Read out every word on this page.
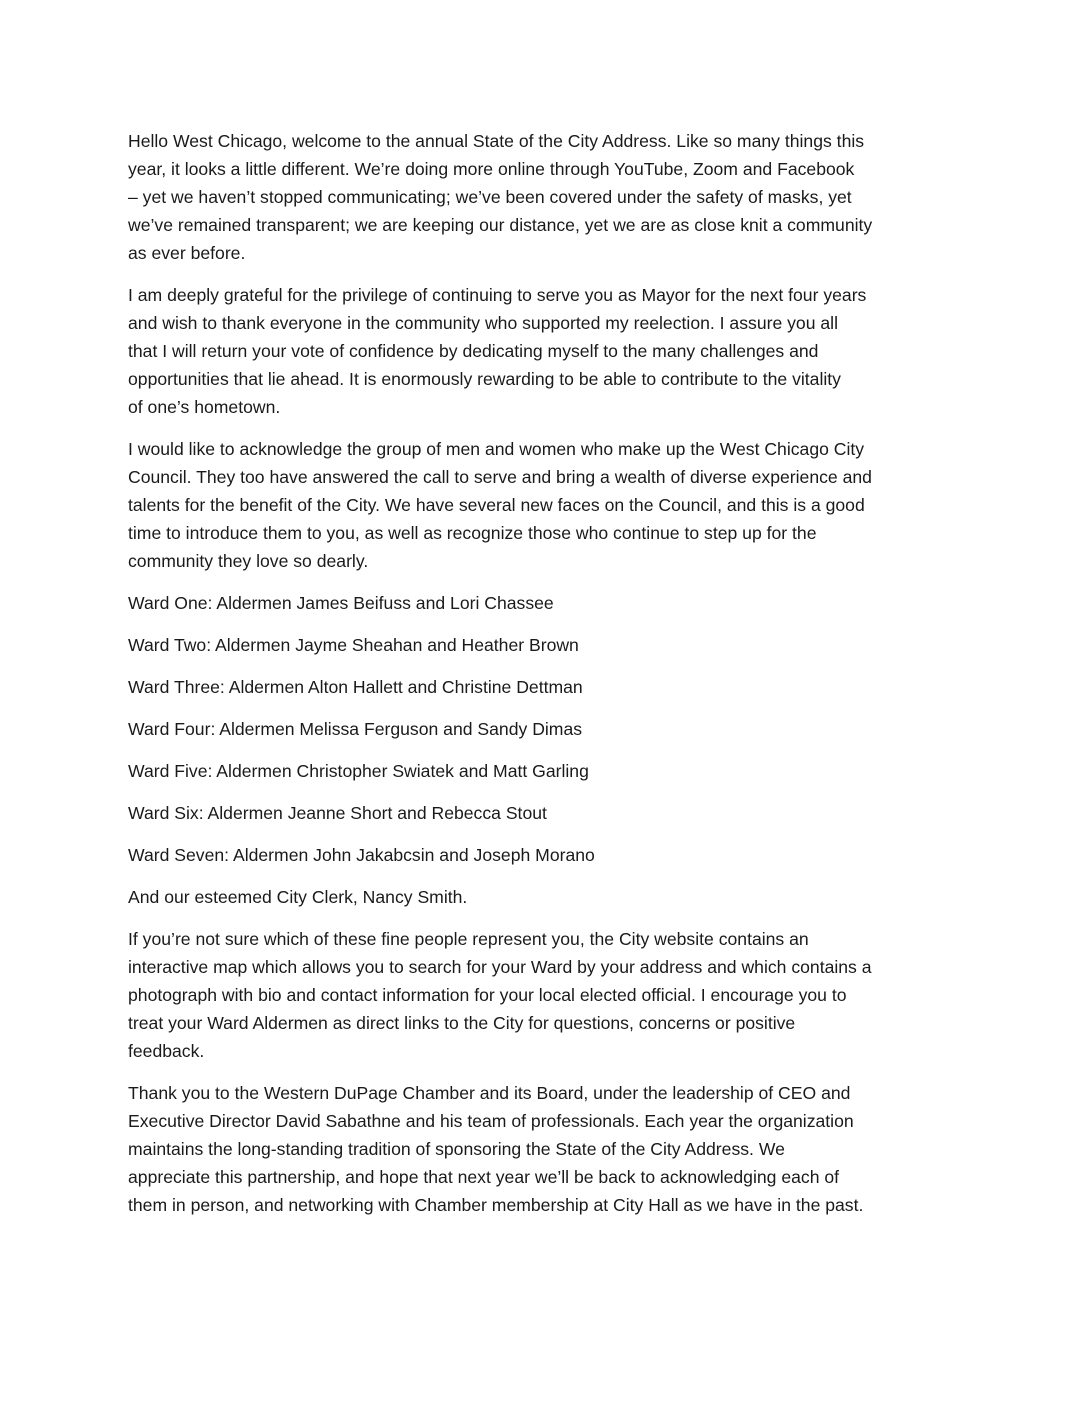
Hello West Chicago, welcome to the annual State of the City Address. Like so many things this
year, it looks a little different. We’re doing more online through YouTube, Zoom and Facebook
– yet we haven’t stopped communicating; we’ve been covered under the safety of masks, yet
we’ve remained transparent; we are keeping our distance, yet we are as close knit a community
as ever before.

I am deeply grateful for the privilege of continuing to serve you as Mayor for the next four years
and wish to thank everyone in the community who supported my reelection. I assure you all
that I will return your vote of confidence by dedicating myself to the many challenges and
opportunities that lie ahead. It is enormously rewarding to be able to contribute to the vitality
of one’s hometown.

I would like to acknowledge the group of men and women who make up the West Chicago City
Council. They too have answered the call to serve and bring a wealth of diverse experience and
talents for the benefit of the City. We have several new faces on the Council, and this is a good
time to introduce them to you, as well as recognize those who continue to step up for the
community they love so dearly.

Ward One: Aldermen James Beifuss and Lori Chassee

Ward Two: Aldermen Jayme Sheahan and Heather Brown

Ward Three: Aldermen Alton Hallett and Christine Dettman

Ward Four: Aldermen Melissa Ferguson and Sandy Dimas

Ward Five: Aldermen Christopher Swiatek and Matt Garling

Ward Six: Aldermen Jeanne Short and Rebecca Stout

Ward Seven: Aldermen John Jakabcsin and Joseph Morano

And our esteemed City Clerk, Nancy Smith.

If you’re not sure which of these fine people represent you, the City website contains an
interactive map which allows you to search for your Ward by your address and which contains a
photograph with bio and contact information for your local elected official. I encourage you to
treat your Ward Aldermen as direct links to the City for questions, concerns or positive
feedback.

Thank you to the Western DuPage Chamber and its Board, under the leadership of CEO and
Executive Director David Sabathne and his team of professionals. Each year the organization
maintains the long-standing tradition of sponsoring the State of the City Address. We
appreciate this partnership, and hope that next year we’ll be back to acknowledging each of
them in person, and networking with Chamber membership at City Hall as we have in the past.
